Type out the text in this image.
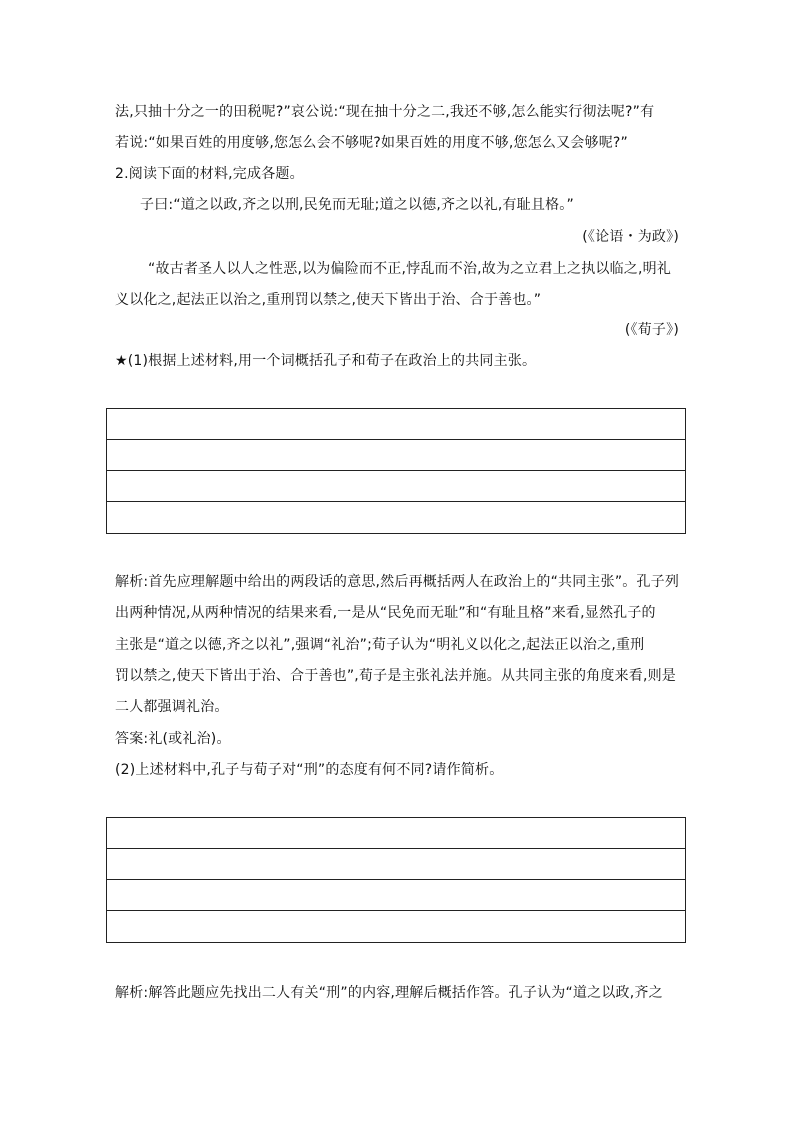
法,只抽十分之一的田税呢?”哀公说:“现在抽十分之二,我还不够,怎么能实行彻法呢?”有
若说:“如果百姓的用度够,您怎么会不够呢?如果百姓的用度不够,您怎么又会够呢?”
2.阅读下面的材料,完成各题。
子曰:“道之以政,齐之以刑,民免而无耻;道之以德,齐之以礼,有耻且格。”
(《论语・为政》)
“故古者圣人以人之性恶,以为偏险而不正,悖乱而不治,故为之立君上之执以临之,明礼
义以化之,起法正以治之,重刑罚以禁之,使天下皆出于治、合于善也。”
(《荀子》)
★(1)根据上述材料,用一个词概括孔子和荀子在政治上的共同主张。
解析:首先应理解题中给出的两段话的意思,然后再概括两人在政治上的“共同主张”。孔子列
出两种情况,从两种情况的结果来看,一是从“民免而无耻”和“有耻且格”来看,显然孔子的
主张是“道之以德,齐之以礼”,强调“礼治”;荀子认为“明礼义以化之,起法正以治之,重刑
罚以禁之,使天下皆出于治、合于善也”,荀子是主张礼法并施。从共同主张的角度来看,则是
二人都强调礼治。
答案:礼(或礼治)。
(2)上述材料中,孔子与荀子对“刑”的态度有何不同?请作简析。
解析:解答此题应先找出二人有关“刑”的内容,理解后概括作答。孔子认为“道之以政,齐之
